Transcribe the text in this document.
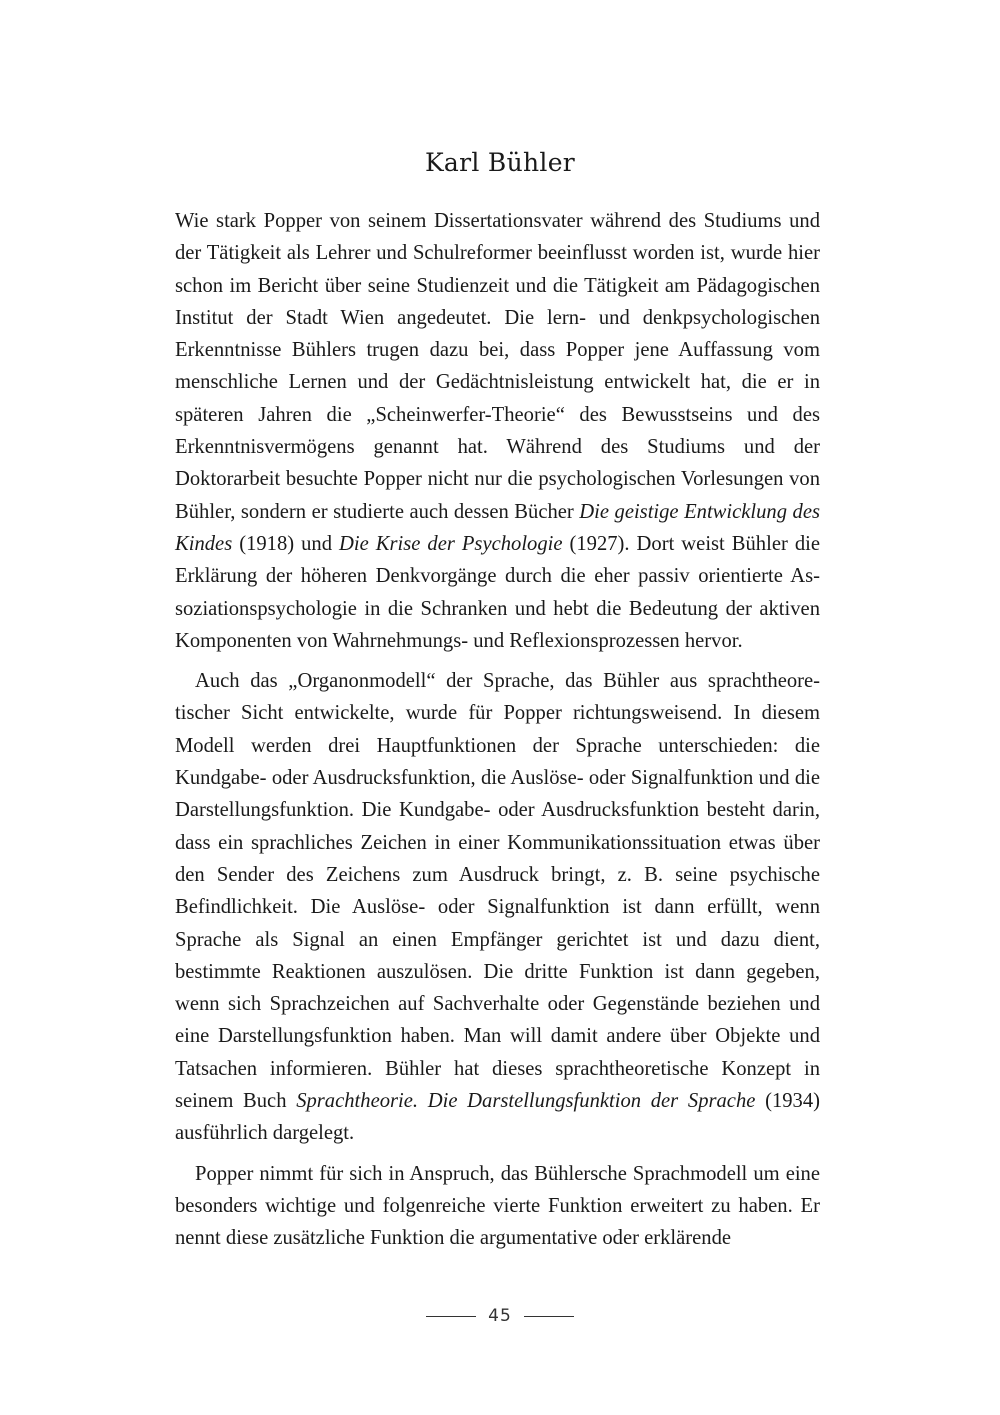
Karl Bühler

Wie stark Popper von seinem Dissertationsvater während des Studiums und der Tätigkeit als Lehrer und Schulreformer beeinflusst worden ist, wurde hier schon im Bericht über seine Studienzeit und die Tätigkeit am Pädagogischen Institut der Stadt Wien angedeutet. Die lern- und denkpsychologischen Erkenntnisse Bühlers trugen dazu bei, dass Popper jene Auffassung vom menschliche Lernen und der Gedächtnisleistung entwickelt hat, die er in späteren Jahren die „Scheinwerfer-Theorie“ des Bewusstseins und des Erkenntnisvermögens genannt hat. Während des Studiums und der Doktorarbeit besuchte Popper nicht nur die psychologischen Vorlesungen von Bühler, sondern er studierte auch dessen Bücher Die geistige Entwicklung des Kindes (1918) und Die Krise der Psychologie (1927). Dort weist Bühler die Erklärung der höheren Denkvorgänge durch die eher passiv orientierte Assoziationspsychologie in die Schranken und hebt die Bedeutung der aktiven Komponenten von Wahrnehmungs- und Reflexionsprozessen hervor.

Auch das „Organonmodell“ der Sprache, das Bühler aus sprachtheoretischer Sicht entwickelte, wurde für Popper richtungsweisend. In diesem Modell werden drei Hauptfunktionen der Sprache unterschieden: die Kundgabe- oder Ausdrucksfunktion, die Auslöse- oder Signalfunktion und die Darstellungsfunktion. Die Kundgabe- oder Ausdrucksfunktion besteht darin, dass ein sprachliches Zeichen in einer Kommunikationssituation etwas über den Sender des Zeichens zum Ausdruck bringt, z. B. seine psychische Befindlichkeit. Die Auslöse- oder Signalfunktion ist dann erfüllt, wenn Sprache als Signal an einen Empfänger gerichtet ist und dazu dient, bestimmte Reaktionen auszulösen. Die dritte Funktion ist dann gegeben, wenn sich Sprachzeichen auf Sachverhalte oder Gegenstände beziehen und eine Darstellungsfunktion haben. Man will damit andere über Objekte und Tatsachen informieren. Bühler hat dieses sprachtheoretische Konzept in seinem Buch Sprachtheorie. Die Darstellungsfunktion der Sprache (1934) ausführlich dargelegt.

Popper nimmt für sich in Anspruch, das Bühlersche Sprachmodell um eine besonders wichtige und folgenreiche vierte Funktion erweitert zu haben. Er nennt diese zusätzliche Funktion die argumentative oder erklärende

45
